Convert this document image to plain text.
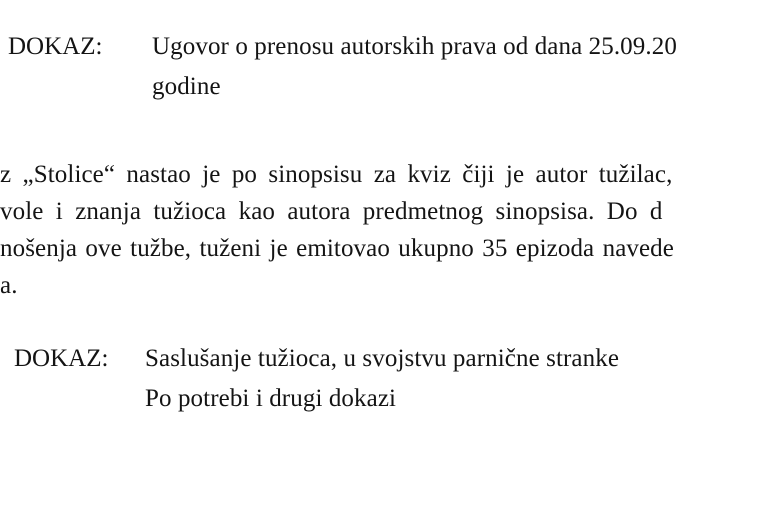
DOKAZ: Ugovor o prenosu autorskih prava od dana 25.09.20
godine
z „Stolice“ nastao je po sinopsisu za kviz čiji je autor tužilac,
vole i znanja tužioca kao autora predmetnog sinopsisa. Do d
nošenja ove tužbe, tuženi je emitovao ukupno 35 epizoda navede
a.
DOKAZ: Saslušanje tužioca, u svojstvu parnične stranke
Po potrebi i drugi dokazi
